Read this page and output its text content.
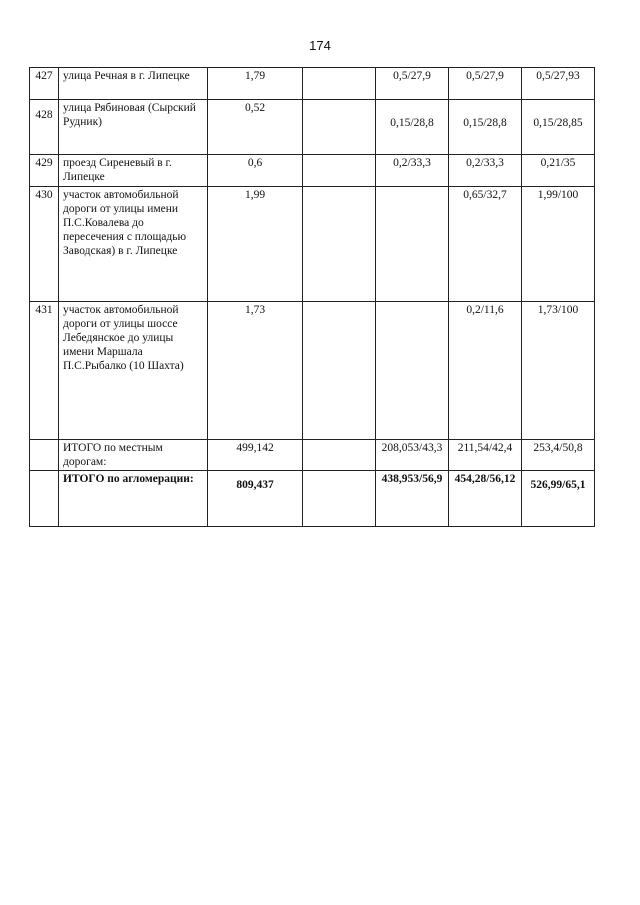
174
427	улица Речная в г. Липецке	1,79		0,5/27,9	0,5/27,9	0,5/27,93
428	улица Рябиновая (Сырский Рудник)	0,52		0,15/28,8	0,15/28,8	0,15/28,85
429	проезд Сиреневый в г. Липецке	0,6		0,2/33,3	0,2/33,3	0,21/35
430	участок автомобильной дороги от улицы имени П.С.Ковалева до пересечения с площадью Заводская) в г. Липецке	1,99			0,65/32,7	1,99/100
431	участок автомобильной дороги от улицы шоссе Лебедянское до улицы имени Маршала П.С.Рыбалко (10 Шахта)	1,73			0,2/11,6	1,73/100
	ИТОГО по местным дорогам:	499,142		208,053/43,3	211,54/42,4	253,4/50,8
	ИТОГО по агломерации:	809,437		438,953/56,9	454,28/56,12	526,99/65,1
